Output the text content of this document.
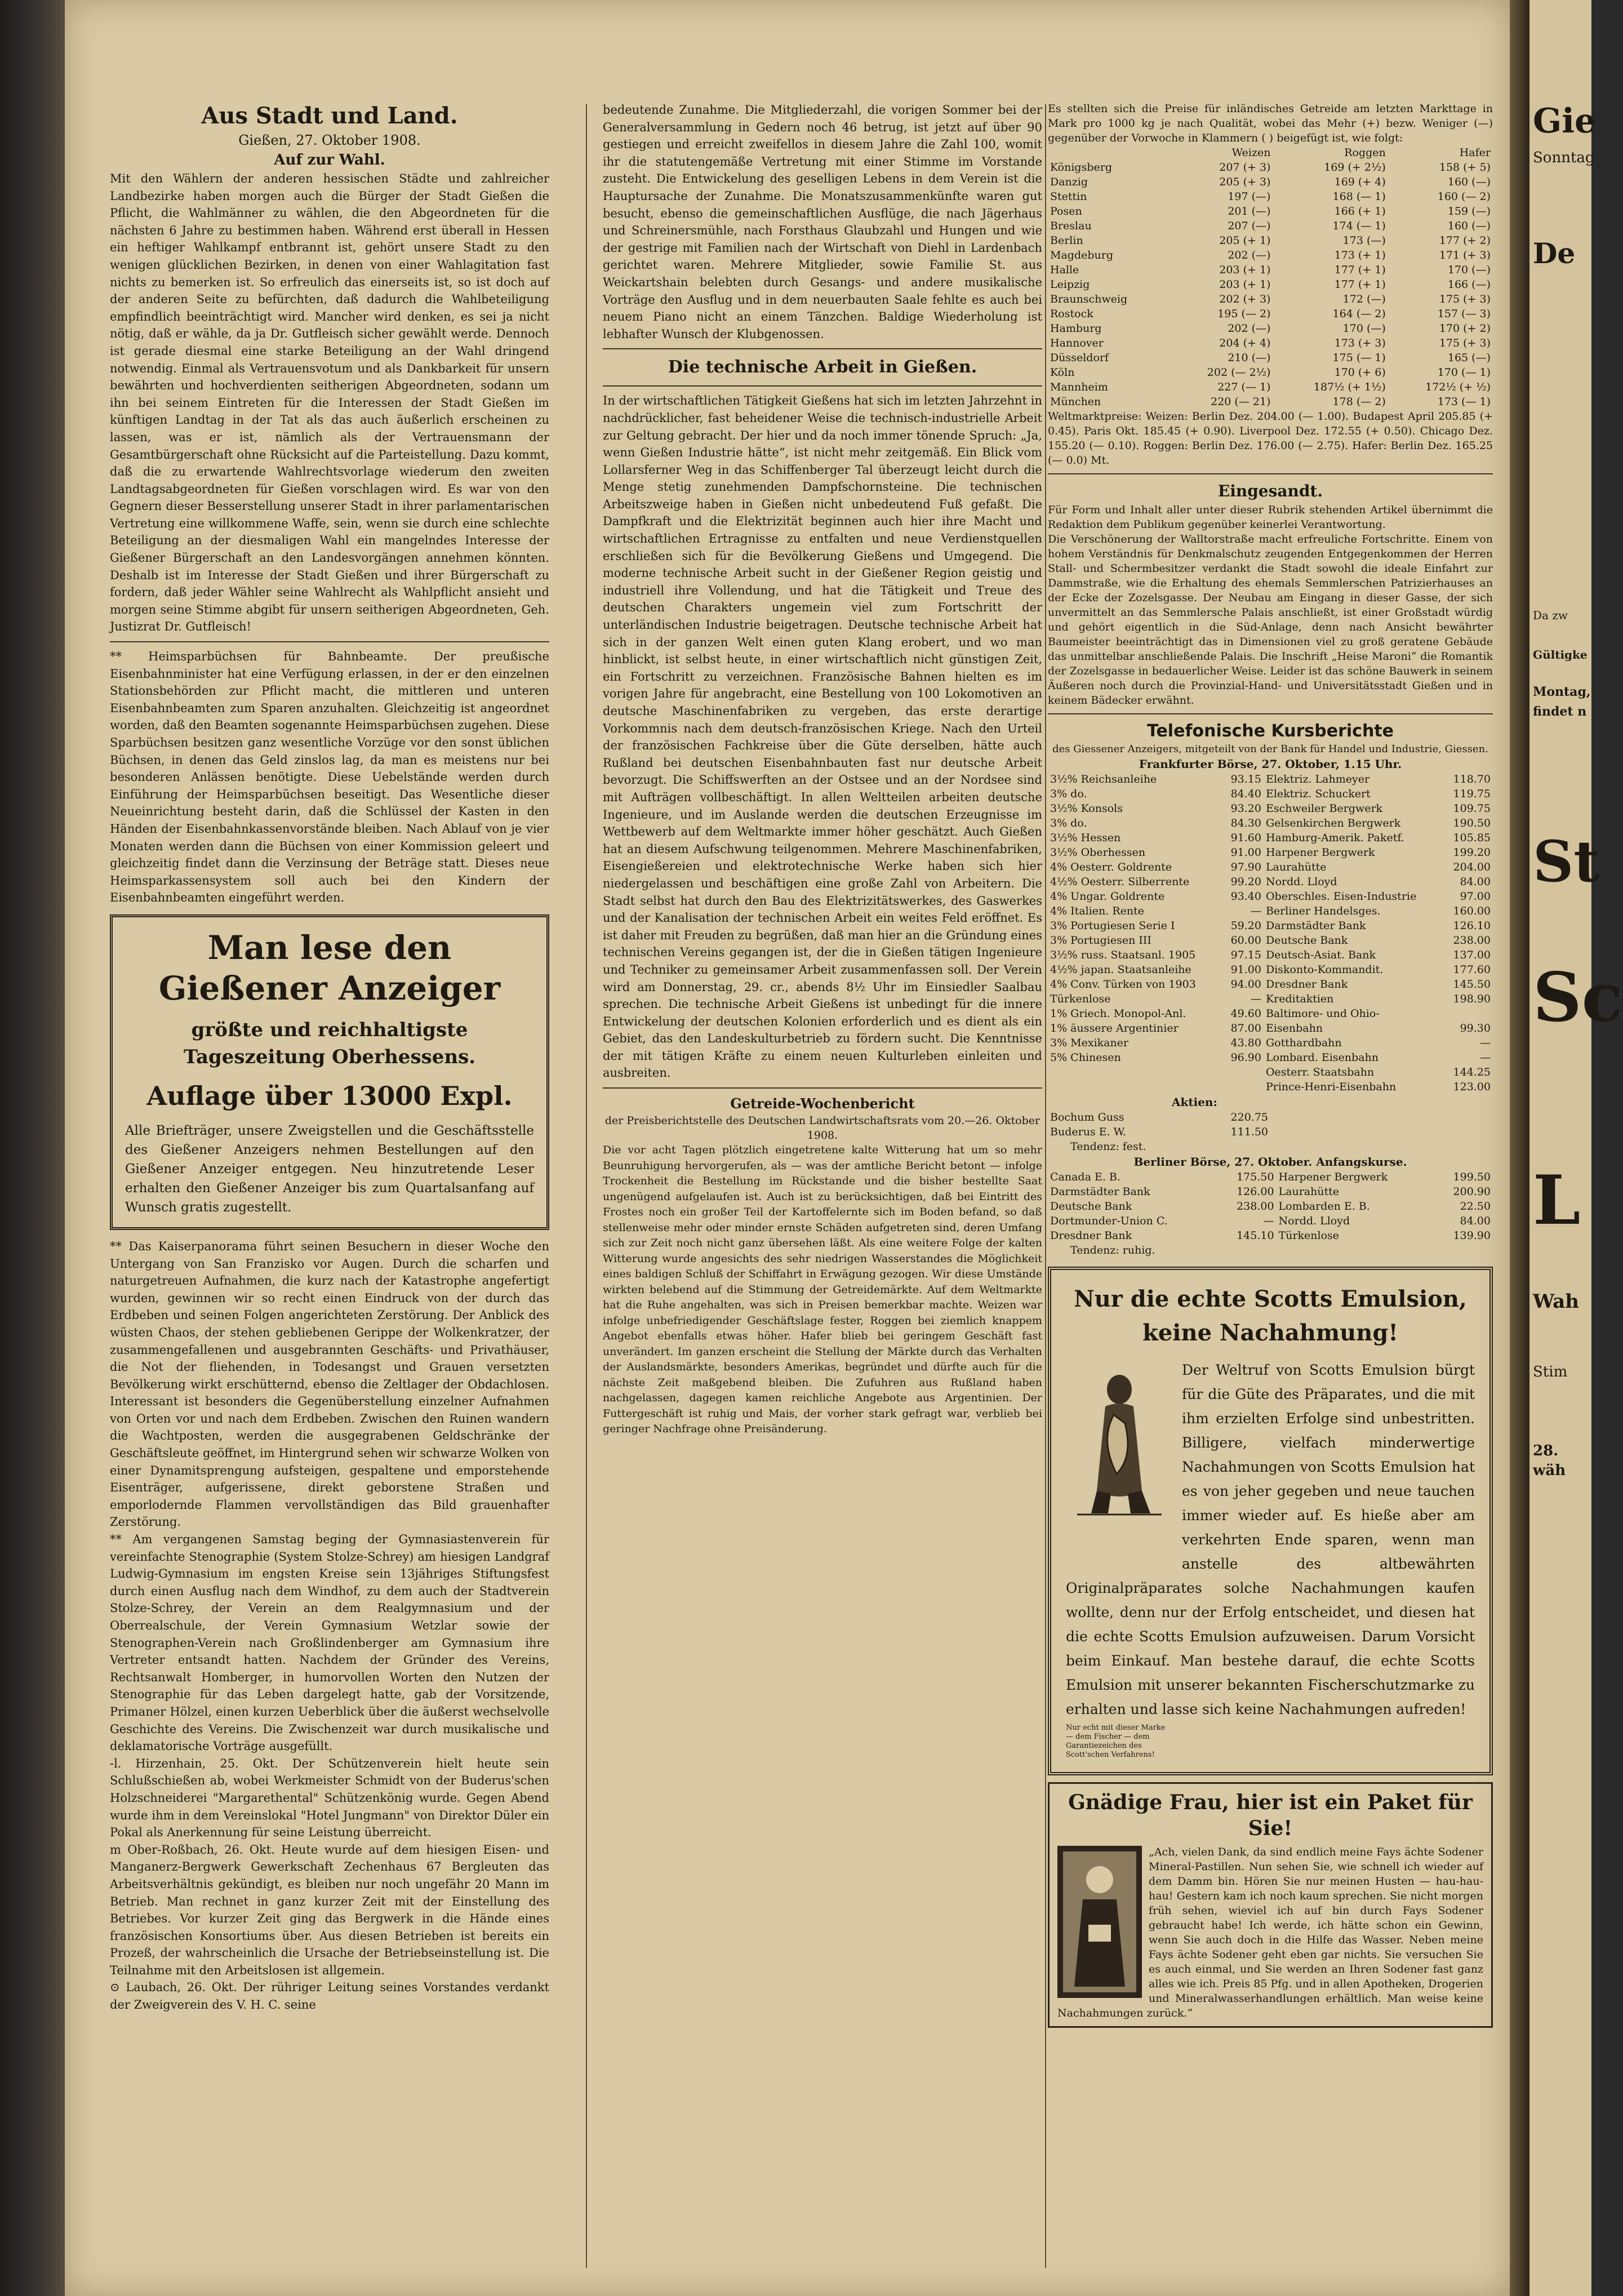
Aus Stadt und Land.

Gießen, 27. Oktober 1908.

Auf zur Wahl.

Mit den Wählern der anderen hessischen Städte und zahlreicher Landbezirke haben morgen auch die Bürger der Stadt Gießen die Pflicht, die Wahlmänner zu wählen, die den Abgeordneten für die nächsten 6 Jahre zu bestimmen haben. Während erst überall in Hessen ein heftiger Wahlkampf entbrannt ist, gehört unsere Stadt zu den wenigen glücklichen Bezirken, in denen von einer Wahlagitation fast nichts zu bemerken ist. So erfreulich das einerseits ist, so ist doch auf der anderen Seite zu befürchten, daß dadurch die Wahlbeteiligung empfindlich beeinträchtigt wird. Mancher wird denken, es sei ja nicht nötig, daß er wähle, da ja Dr. Gutfleisch sicher gewählt werde. Dennoch ist gerade diesmal eine starke Beteiligung an der Wahl dringend notwendig. Einmal als Vertrauensvotum und als Dankbarkeit für unsern bewährten und hochverdienten seitherigen Abgeordneten, sodann um ihn bei seinem Eintreten für die Interessen der Stadt Gießen im künftigen Landtag in der Tat als das auch äußerlich erscheinen zu lassen, was er ist, nämlich als der Vertrauensmann der Gesamtbürgerschaft ohne Rücksicht auf die Parteistellung. Dazu kommt, daß die zu erwartende Wahlrechtsvorlage wiederum den zweiten Landtagsabgeordneten für Gießen vorschlagen wird. Es war von den Gegnern dieser Besserstellung unserer Stadt in ihrer parlamentarischen Vertretung eine willkommene Waffe, sein, wenn sie durch eine schlechte Beteiligung an der diesmaligen Wahl ein mangelndes Interesse der Gießener Bürgerschaft an den Landesvorgängen annehmen könnten. Deshalb ist im Interesse der Stadt Gießen und ihrer Bürgerschaft zu fordern, daß jeder Wähler seine Wahlrecht als Wahlpflicht ansieht und morgen seine Stimme abgibt für unsern seitherigen Abgeordneten, Geh. Justizrat Dr. Gutfleisch!

** Heimsparbüchsen für Bahnbeamte. Der preußische Eisenbahnminister hat eine Verfügung erlassen, in der er den einzelnen Stationsbehörden zur Pflicht macht, die mittleren und unteren Eisenbahnbeamten zum Sparen anzuhalten. Gleichzeitig ist angeordnet worden, daß den Beamten sogenannte Heimsparbüchsen zugehen. Diese Sparbüchsen besitzen ganz wesentliche Vorzüge vor den sonst üblichen Büchsen, in denen das Geld zinslos lag, da man es meistens nur bei besonderen Anlässen benötigte. Diese Uebelstände werden durch Einführung der Heimsparbüchsen beseitigt. Das Wesentliche dieser Neueinrichtung besteht darin, daß die Schlüssel der Kasten in den Händen der Eisenbahnkassenvorstände bleiben. Nach Ablauf von je vier Monaten werden dann die Büchsen von einer Kommission geleert und gleichzeitig findet dann die Verzinsung der Beträge statt. Dieses neue Heimsparkassensystem soll auch bei den Kindern der Eisenbahnbeamten eingeführt werden.

Man lese den Gießener Anzeiger

größte und reichhaltigste Tageszeitung Oberhessens.

Auflage über 13000 Expl.

Alle Briefträger, unsere Zweigstellen und die Geschäftsstelle des Gießener Anzeigers nehmen Bestellungen auf den Gießener Anzeiger entgegen. Neu hinzutretende Leser erhalten den Gießener Anzeiger bis zum Quartalsanfang auf Wunsch gratis zugestellt.

** Das Kaiserpanorama führt seinen Besuchern in dieser Woche den Untergang von San Franzisko vor Augen. Durch die scharfen und naturgetreuen Aufnahmen, die kurz nach der Katastrophe angefertigt wurden, gewinnen wir so recht einen Eindruck von der durch das Erdbeben und seinen Folgen angerichteten Zerstörung. Der Anblick des wüsten Chaos, der stehen gebliebenen Gerippe der Wolkenkratzer, der zusammengefallenen und ausgebrannten Geschäfts- und Privathäuser, die Not der fliehenden, in Todesangst und Grauen versetzten Bevölkerung wirkt erschütternd, ebenso die Zeltlager der Obdachlosen. Interessant ist besonders die Gegenüberstellung einzelner Aufnahmen von Orten vor und nach dem Erdbeben. Zwischen den Ruinen wandern die Wachtposten, werden die ausgegrabenen Geldschränke der Geschäftsleute geöffnet, im Hintergrund sehen wir schwarze Wolken von einer Dynamitsprengung aufsteigen, gespaltene und emporstehende Eisenträger, aufgerissene, direkt geborstene Straßen und emporlodernde Flammen vervollständigen das Bild grauenhafter Zerstörung.

** Am vergangenen Samstag beging der Gymnasiastenverein für vereinfachte Stenographie (System Stolze-Schrey) am hiesigen Landgraf Ludwig-Gymnasium im engsten Kreise sein 13jähriges Stiftungsfest durch einen Ausflug nach dem Windhof, zu dem auch der Stadtverein Stolze-Schrey, der Verein an dem Realgymnasium und der Oberrealschule, der Verein Gymnasium Wetzlar sowie der Stenographen-Verein nach Großlindenberger am Gymnasium ihre Vertreter entsandt hatten. Nachdem der Gründer des Vereins, Rechtsanwalt Homberger, in humorvollen Worten den Nutzen der Stenographie für das Leben dargelegt hatte, gab der Vorsitzende, Primaner Hölzel, einen kurzen Ueberblick über die äußerst wechselvolle Geschichte des Vereins. Die Zwischenzeit war durch musikalische und deklamatorische Vorträge ausgefüllt.

-l. Hirzenhain, 25. Okt. Der Schützenverein hielt heute sein Schlußschießen ab, wobei Werkmeister Schmidt von der Buderus'schen Holzschneiderei "Margarethental" Schützenkönig wurde. Gegen Abend wurde ihm in dem Vereinslokal "Hotel Jungmann" von Direktor Düler ein Pokal als Anerkennung für seine Leistung überreicht.

m Ober-Roßbach, 26. Okt. Heute wurde auf dem hiesigen Eisen- und Manganerz-Bergwerk Gewerkschaft Zechenhaus 67 Bergleuten das Arbeitsverhältnis gekündigt, es bleiben nur noch ungefähr 20 Mann im Betrieb. Man rechnet in ganz kurzer Zeit mit der Einstellung des Betriebes. Vor kurzer Zeit ging das Bergwerk in die Hände eines französischen Konsortiums über. Aus diesen Betrieben ist bereits ein Prozeß, der wahrscheinlich die Ursache der Betriebseinstellung ist. Die Teilnahme mit den Arbeitslosen ist allgemein.

⊙ Laubach, 26. Okt. Der rühriger Leitung seines Vorstandes verdankt der Zweigverein des V. H. C. seine

bedeutende Zunahme. Die Mitgliederzahl, die vorigen Sommer bei der Generalversammlung in Gedern noch 46 betrug, ist jetzt auf über 90 gestiegen und erreicht zweifellos in diesem Jahre die Zahl 100, womit ihr die statutengemäße Vertretung mit einer Stimme im Vorstande zusteht. Die Entwickelung des geselligen Lebens in dem Verein ist die Hauptursache der Zunahme. Die Monatszusammenkünfte waren gut besucht, ebenso die gemeinschaftlichen Ausflüge, die nach Jägerhaus und Schreinersmühle, nach Forsthaus Glaubzahl und Hungen und wie der gestrige mit Familien nach der Wirtschaft von Diehl in Lardenbach gerichtet waren. Mehrere Mitglieder, sowie Familie St. aus Weickartshain belebten durch Gesangs- und andere musikalische Vorträge den Ausflug und in dem neuerbauten Saale fehlte es auch bei neuem Piano nicht an einem Tänzchen. Baldige Wiederholung ist lebhafter Wunsch der Klubgenossen.

Die technische Arbeit in Gießen.

In der wirtschaftlichen Tätigkeit Gießens hat sich im letzten Jahrzehnt in nachdrücklicher, fast beheidener Weise die technisch-industrielle Arbeit zur Geltung gebracht. Der hier und da noch immer tönende Spruch: „Ja, wenn Gießen Industrie hätte“, ist nicht mehr zeitgemäß. Ein Blick vom Lollarsferner Weg in das Schiffenberger Tal überzeugt leicht durch die Menge stetig zunehmenden Dampfschornsteine. Die technischen Arbeitszweige haben in Gießen nicht unbedeutend Fuß gefaßt. Die Dampfkraft und die Elektrizität beginnen auch hier ihre Macht und wirtschaftlichen Ertragnisse zu entfalten und neue Verdienstquellen erschließen sich für die Bevölkerung Gießens und Umgegend. Die moderne technische Arbeit sucht in der Gießener Region geistig und industriell ihre Vollendung, und hat die Tätigkeit und Treue des deutschen Charakters ungemein viel zum Fortschritt der unterländischen Industrie beigetragen. Deutsche technische Arbeit hat sich in der ganzen Welt einen guten Klang erobert, und wo man hinblickt, ist selbst heute, in einer wirtschaftlich nicht günstigen Zeit, ein Fortschritt zu verzeichnen. Französische Bahnen hielten es im vorigen Jahre für angebracht, eine Bestellung von 100 Lokomotiven an deutsche Maschinenfabriken zu vergeben, das erste derartige Vorkommnis nach dem deutsch-französischen Kriege. Nach den Urteil der französischen Fachkreise über die Güte derselben, hätte auch Rußland bei deutschen Eisenbahnbauten fast nur deutsche Arbeit bevorzugt. Die Schiffswerften an der Ostsee und an der Nordsee sind mit Aufträgen vollbeschäftigt. In allen Weltteilen arbeiten deutsche Ingenieure, und im Auslande werden die deutschen Erzeugnisse im Wettbewerb auf dem Weltmarkte immer höher geschätzt. Auch Gießen hat an diesem Aufschwung teilgenommen. Mehrere Maschinenfabriken, Eisengießereien und elektrotechnische Werke haben sich hier niedergelassen und beschäftigen eine große Zahl von Arbeitern. Die Stadt selbst hat durch den Bau des Elektrizitätswerkes, des Gaswerkes und der Kanalisation der technischen Arbeit ein weites Feld eröffnet. Es ist daher mit Freuden zu begrüßen, daß man hier an die Gründung eines technischen Vereins gegangen ist, der die in Gießen tätigen Ingenieure und Techniker zu gemeinsamer Arbeit zusammenfassen soll. Der Verein wird am Donnerstag, 29. cr., abends 8½ Uhr im Einsiedler Saalbau sprechen. Die technische Arbeit Gießens ist unbedingt für die innere Entwickelung der deutschen Kolonien erforderlich und es dient als ein Gebiet, das den Landeskulturbetrieb zu fördern sucht. Die Kenntnisse der mit tätigen Kräfte zu einem neuen Kulturleben einleiten und ausbreiten.

Getreide-Wochenbericht

der Preisberichtstelle des Deutschen Landwirtschaftsrats vom 20.—26. Oktober 1908.

Die vor acht Tagen plötzlich eingetretene kalte Witterung hat um so mehr Beunruhigung hervorgerufen, als — was der amtliche Bericht betont — infolge Trockenheit die Bestellung im Rückstande und die bisher bestellte Saat ungenügend aufgelaufen ist. Auch ist zu berücksichtigen, daß bei Eintritt des Frostes noch ein großer Teil der Kartoffelernte sich im Boden befand, so daß stellenweise mehr oder minder ernste Schäden aufgetreten sind, deren Umfang sich zur Zeit noch nicht ganz übersehen läßt. Als eine weitere Folge der kalten Witterung wurde angesichts des sehr niedrigen Wasserstandes die Möglichkeit eines baldigen Schluß der Schiffahrt in Erwägung gezogen. Wir diese Umstände wirkten belebend auf die Stimmung der Getreidemärkte. Auf dem Weltmarkte hat die Ruhe angehalten, was sich in Preisen bemerkbar machte. Weizen war infolge unbefriedigender Geschäftslage fester, Roggen bei ziemlich knappem Angebot ebenfalls etwas höher. Hafer blieb bei geringem Geschäft fast unverändert. Im ganzen erscheint die Stellung der Märkte durch das Verhalten der Auslandsmärkte, besonders Amerikas, begründet und dürfte auch für die nächste Zeit maßgebend bleiben. Die Zufuhren aus Rußland haben nachgelassen, dagegen kamen reichliche Angebote aus Argentinien. Der Futtergeschäft ist ruhig und Mais, der vorher stark gefragt war, verblieb bei geringer Nachfrage ohne Preisänderung.

Es stellten sich die Preise für inländisches Getreide am letzten Markttage in Mark pro 1000 kg je nach Qualität, wobei das Mehr (+) bezw. Weniger (—) gegenüber der Vorwoche in Klammern ( ) beigefügt ist, wie folgt:

	Weizen	Roggen	Hafer
Königsberg	207 (+ 3)	169 (+ 2½)	158 (+ 5)
Danzig	205 (+ 3)	169 (+ 4)	160 (—)
Stettin	197 (—)	168 (— 1)	160 (— 2)
Posen	201 (—)	166 (+ 1)	159 (—)
Breslau	207 (—)	174 (— 1)	160 (—)
Berlin	205 (+ 1)	173 (—)	177 (+ 2)
Magdeburg	202 (—)	173 (+ 1)	171 (+ 3)
Halle	203 (+ 1)	177 (+ 1)	170 (—)
Leipzig	203 (+ 1)	177 (+ 1)	166 (—)
Braunschweig	202 (+ 3)	172 (—)	175 (+ 3)
Rostock	195 (— 2)	164 (— 2)	157 (— 3)
Hamburg	202 (—)	170 (—)	170 (+ 2)
Hannover	204 (+ 4)	173 (+ 3)	175 (+ 3)
Düsseldorf	210 (—)	175 (— 1)	165 (—)
Köln	202 (— 2½)	170 (+ 6)	170 (— 1)
Mannheim	227 (— 1)	187½ (+ 1½)	172½ (+ ½)
München	220 (— 21)	178 (— 2)	173 (— 1)

Weltmarktpreise: Weizen: Berlin Dez. 204.00 (— 1.00). Budapest April 205.85 (+ 0.45). Paris Okt. 185.45 (+ 0.90). Liverpool Dez. 172.55 (+ 0.50). Chicago Dez. 155.20 (— 0.10). Roggen: Berlin Dez. 176.00 (— 2.75). Hafer: Berlin Dez. 165.25 (— 0.0) Mt.

Eingesandt.

Für Form und Inhalt aller unter dieser Rubrik stehenden Artikel übernimmt die Redaktion dem Publikum gegenüber keinerlei Verantwortung.

Die Verschönerung der Walltorstraße macht erfreuliche Fortschritte. Einem von hohem Verständnis für Denkmalschutz zeugenden Entgegenkommen der Herren Stall- und Schermbesitzer verdankt die Stadt sowohl die ideale Einfahrt zur Dammstraße, wie die Erhaltung des ehemals Semmlerschen Patrizierhauses an der Ecke der Zozelsgasse. Der Neubau am Eingang in dieser Gasse, der sich unvermittelt an das Semmlersche Palais anschließt, ist einer Großstadt würdig und gehört eigentlich in die Süd-Anlage, denn nach Ansicht bewährter Baumeister beeinträchtigt das in Dimensionen viel zu groß geratene Gebäude das unmittelbar anschließende Palais. Die Inschrift „Heise Maroni“ die Romantik der Zozelsgasse in bedauerlicher Weise. Leider ist das schöne Bauwerk in seinem Äußeren noch durch die Provinzial-Hand- und Universitätsstadt Gießen und in keinem Bädecker erwähnt.

Telefonische Kursberichte

des Giessener Anzeigers, mitgeteilt von der Bank für Handel und Industrie, Giessen.

Frankfurter Börse, 27. Oktober, 1.15 Uhr.

3½% Reichsanleihe	93.15	Elektriz. Lahmeyer	118.70
3% do.	84.40	Elektriz. Schuckert	119.75
3½% Konsols	93.20	Eschweiler Bergwerk	109.75
3% do.	84.30	Gelsenkirchen Bergwerk	190.50
3½% Hessen	91.60	Hamburg-Amerik. Paketf.	105.85
3½% Oberhessen	91.00	Harpener Bergwerk	199.20
4% Oesterr. Goldrente	97.90	Laurahütte	204.00
4½% Oesterr. Silberrente	99.20	Nordd. Lloyd	84.00
4% Ungar. Goldrente	93.40	Oberschles. Eisen-Industrie	97.00
4% Italien. Rente	—	Berliner Handelsges.	160.00
3% Portugiesen Serie I	59.20	Darmstädter Bank	126.10
3% Portugiesen III	60.00	Deutsche Bank	238.00
3½% russ. Staatsanl. 1905	97.15	Deutsch-Asiat. Bank	137.00
4½% japan. Staatsanleihe	91.00	Diskonto-Kommandit.	177.60
4% Conv. Türken von 1903	94.00	Dresdner Bank	145.50
Türkenlose	—	Kreditaktien	198.90
1% Griech. Monopol-Anl.	49.60	Baltimore- und Ohio-	
1% äussere Argentinier	87.00	Eisenbahn	99.30
3% Mexikaner	43.80	Gotthardbahn	—
5% Chinesen	96.90	Lombard. Eisenbahn	—
		Oesterr. Staatsbahn	144.25
		Prince-Henri-Eisenbahn	123.00

Aktien:

Bochum Guss	220.75
Buderus E. W.	111.50

Tendenz: fest.

Berliner Börse, 27. Oktober. Anfangskurse.

Canada E. B.	175.50	Harpener Bergwerk	199.50
Darmstädter Bank	126.00	Laurahütte	200.90
Deutsche Bank	238.00	Lombarden E. B.	22.50
Dortmunder-Union C.	—	Nordd. Lloyd	84.00
Dresdner Bank	145.10	Türkenlose	139.90

Tendenz: ruhig.

Nur die echte Scotts Emulsion, keine Nachahmung!

Der Weltruf von Scotts Emulsion bürgt für die Güte des Präparates, und die mit ihm erzielten Erfolge sind unbestritten. Billigere, vielfach minderwertige Nachahmungen von Scotts Emulsion hat es von jeher gegeben und neue tauchen immer wieder auf. Es hieße aber am verkehrten Ende sparen, wenn man anstelle des altbewährten Originalpräparates solche Nachahmungen kaufen wollte, denn nur der Erfolg entscheidet, und diesen hat die echte Scotts Emulsion aufzuweisen. Darum Vorsicht beim Einkauf. Man bestehe darauf, die echte Scotts Emulsion mit unserer bekannten Fischerschutzmarke zu erhalten und lasse sich keine Nachahmungen aufreden!

Nur echt mit dieser Marke — dem Fischer — dem Garantiezeichen des Scott'schen Verfahrens!

Gnädige Frau, hier ist ein Paket für Sie!

„Ach, vielen Dank, da sind endlich meine Fays ächte Sodener Mineral-Pastillen. Nun sehen Sie, wie schnell ich wieder auf dem Damm bin. Hören Sie nur meinen Husten — hau-hau-hau! Gestern kam ich noch kaum sprechen. Sie nicht morgen früh sehen, wieviel ich auf bin durch Fays Sodener gebraucht habe! Ich werde, ich hätte schon ein Gewinn, wenn Sie auch doch in die Hilfe das Wasser. Neben meine Fays ächte Sodener geht eben gar nichts. Sie versuchen Sie es auch einmal, und Sie werden an Ihren Sodener fast ganz alles wie ich. Preis 85 Pfg. und in allen Apotheken, Drogerien und Mineralwasserhandlungen erhältlich. Man weise keine Nachahmungen zurück.“

Gie
Sonntag
De
Gültigke
Montag,
findet n
St
Sc
L
Wah
Stim
28.
wäh
Da zw
